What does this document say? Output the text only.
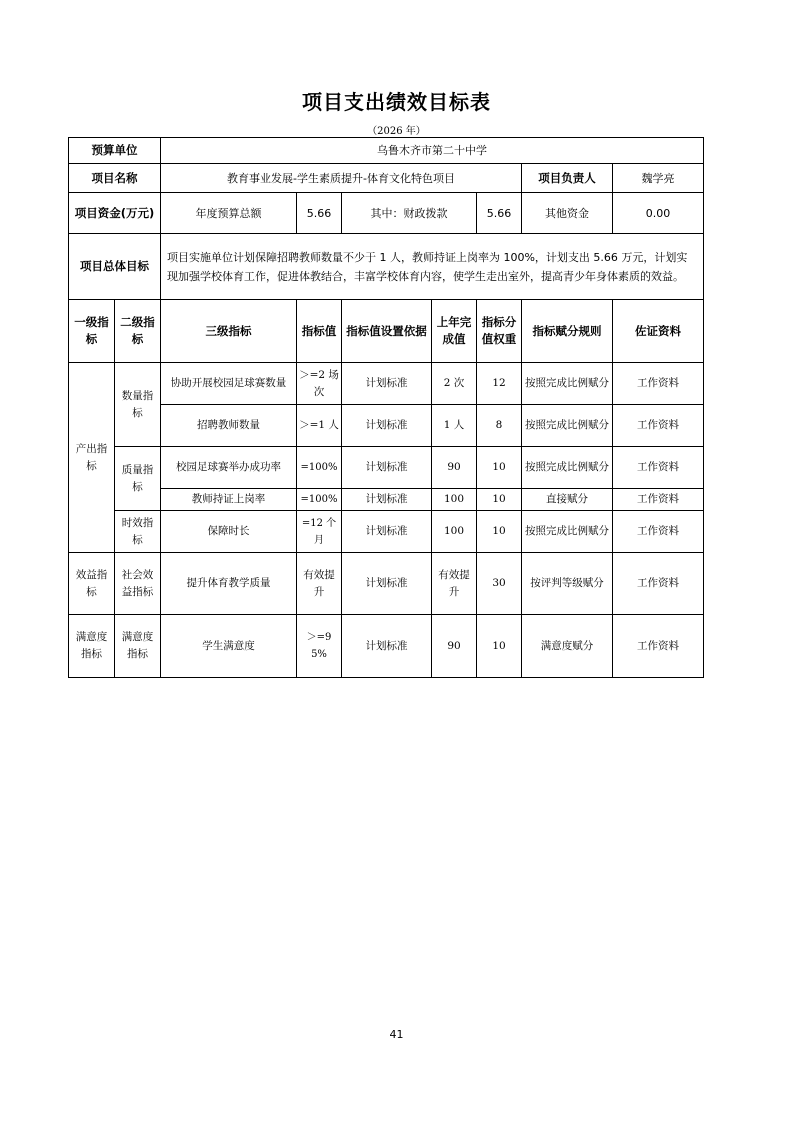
项目支出绩效目标表
（2026 年）
预算单位		乌鲁木齐市第二十中学						
项目名称		教育事业发展-学生素质提升-体育文化特色项目					项目负责人	魏学亮
项目资金(万元)		年度预算总额	5.66	其中：财政拨款		5.66	其他资金	0.00
项目总体目标		项目实施单位计划保障招聘教师数量不少于 1 人，教师持证上岗率为 100%，计划支出 5.66 万元，计划实现加强学校体育工作，促进体教结合，丰富学校体育内容，使学生走出室外，提高青少年身体素质的效益。						
一级指标	二级指标	三级指标	指标值	指标值设置依据	上年完成值	指标分值权重	指标赋分规则	佐证资料
产出指标	数量指标	协助开展校园足球赛数量	＞=2 场次	计划标准	2 次	12	按照完成比例赋分	工作资料
		招聘教师数量	＞=1 人	计划标准	1 人	8	按照完成比例赋分	工作资料
	质量指标	校园足球赛举办成功率	=100%	计划标准	90	10	按照完成比例赋分	工作资料
		教师持证上岗率	=100%	计划标准	100	10	直接赋分	工作资料
	时效指标	保障时长	=12 个月	计划标准	100	10	按照完成比例赋分	工作资料
效益指标	社会效益指标	提升体育教学质量	有效提升	计划标准	有效提升	30	按评判等级赋分	工作资料
满意度指标	满意度指标	学生满意度	＞=95%	计划标准	90	10	满意度赋分	工作资料
41
